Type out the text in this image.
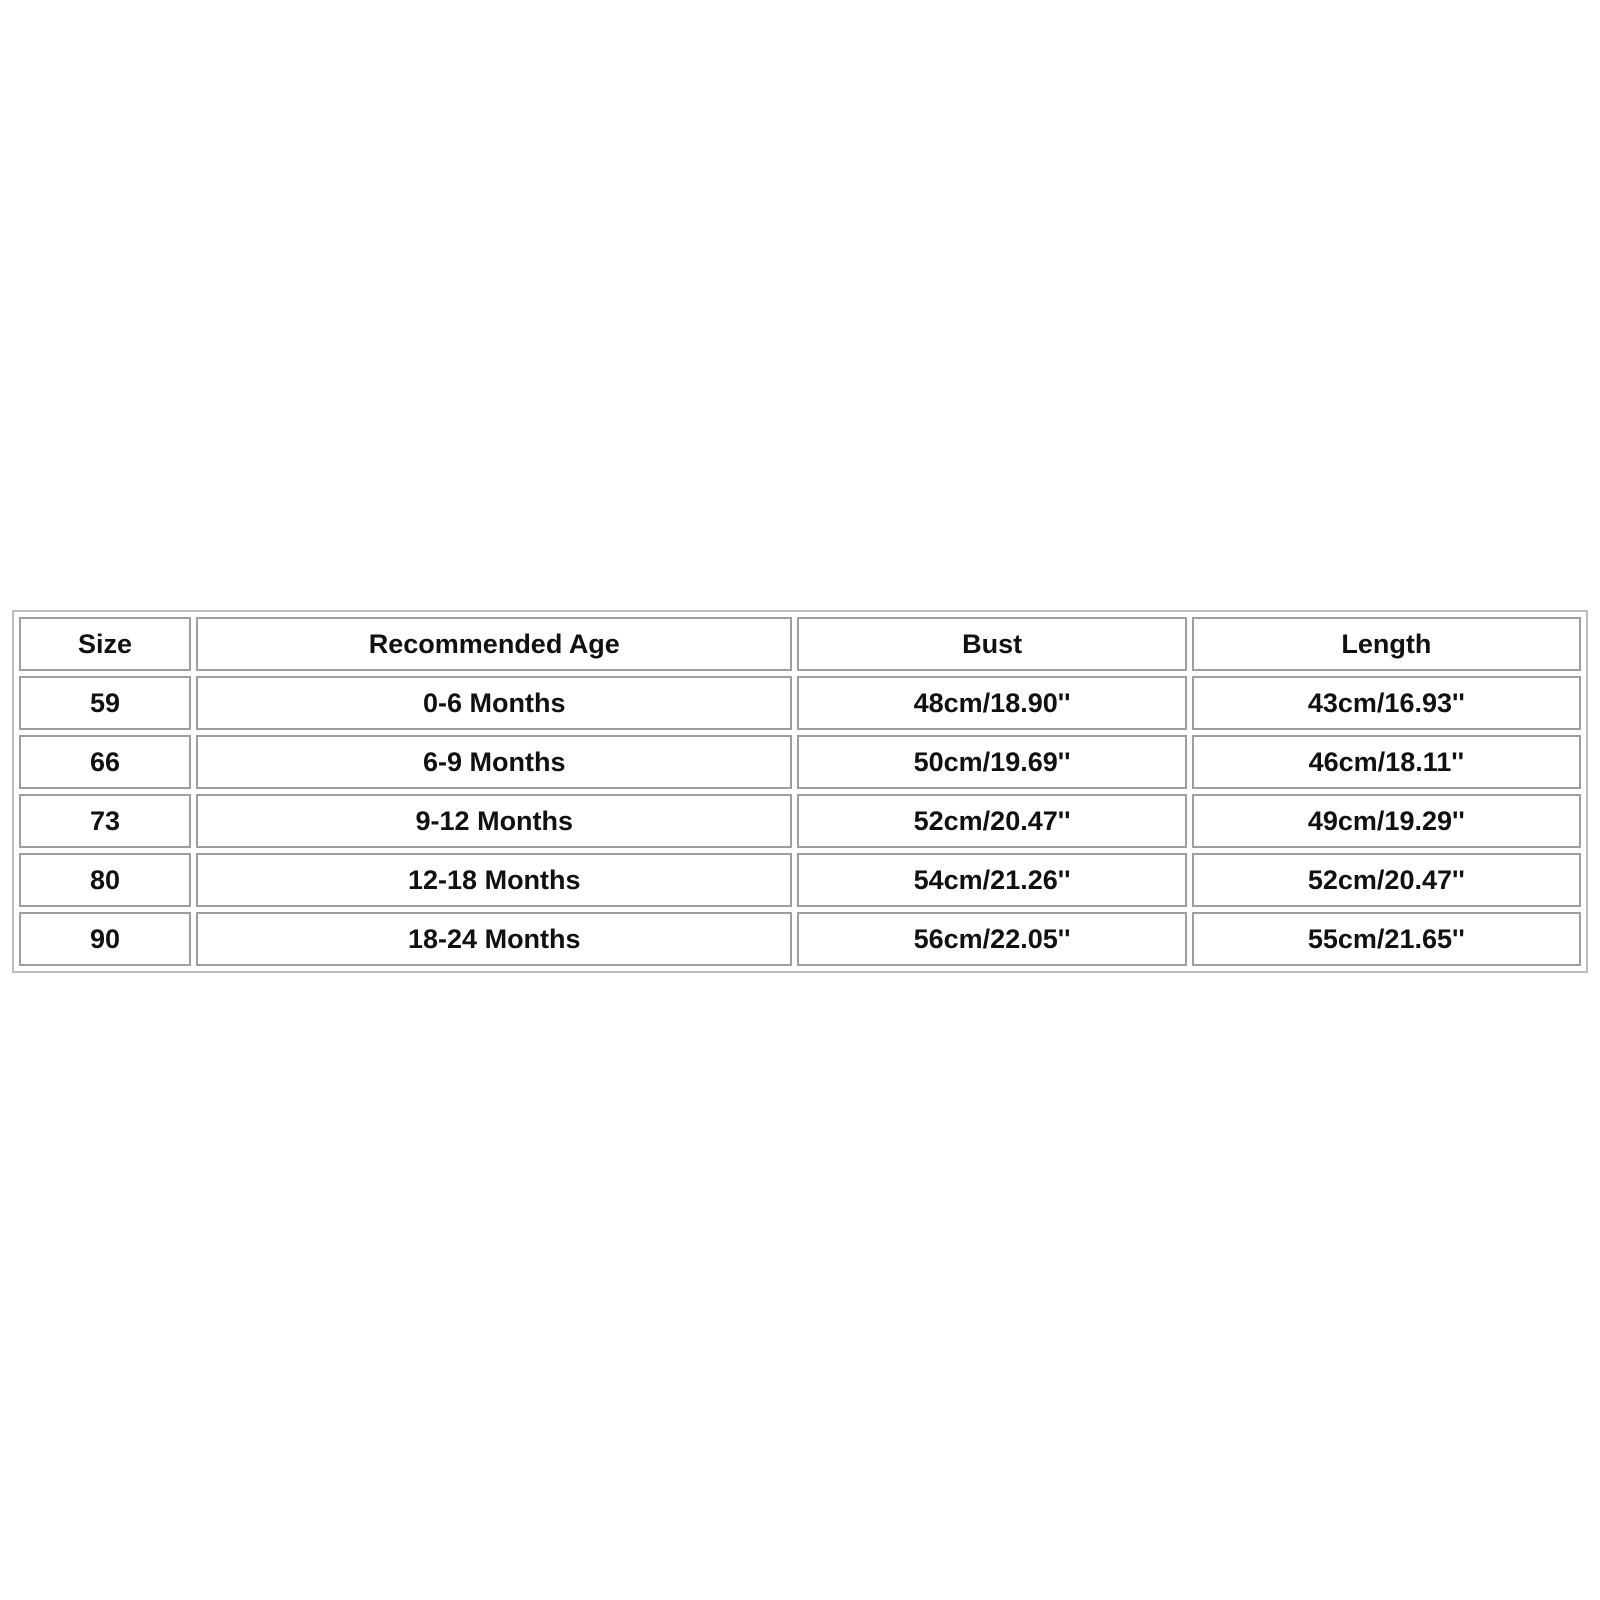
Size	Recommended Age	Bust	Length
59	0-6 Months	48cm/18.90''	43cm/16.93''
66	6-9 Months	50cm/19.69''	46cm/18.11''
73	9-12 Months	52cm/20.47''	49cm/19.29''
80	12-18 Months	54cm/21.26''	52cm/20.47''
90	18-24 Months	56cm/22.05''	55cm/21.65''
